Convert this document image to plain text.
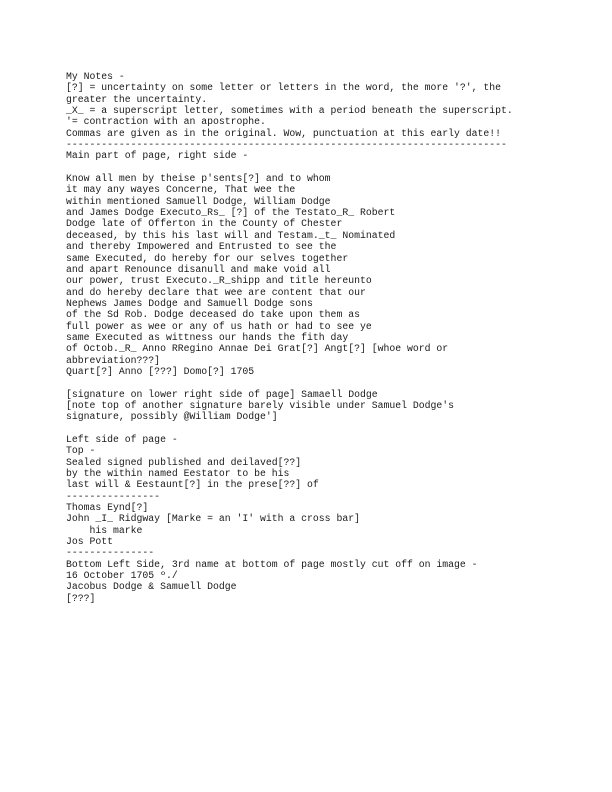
My Notes -
[?] = uncertainty on some letter or letters in the word, the more '?', the
greater the uncertainty.
_X_ = a superscript letter, sometimes with a period beneath the superscript.
'= contraction with an apostrophe.
Commas are given as in the original. Wow, punctuation at this early date!!
---------------------------------------------------------------------------
Main part of page, right side -
Know all men by theise p'sents[?] and to whom
it may any wayes Concerne, That wee the
within mentioned Samuell Dodge, William Dodge
and James Dodge Executo_Rs_ [?] of the Testato_R_ Robert
Dodge late of Offerton in the County of Chester
deceased, by this his last will and Testam._t_ Nominated
and thereby Impowered and Entrusted to see the
same Executed, do hereby for our selves together
and apart Renounce disanull and make void all
our power, trust Executo._R_shipp and title hereunto
and do hereby declare that wee are content that our
Nephews James Dodge and Samuell Dodge sons
of the Sd Rob. Dodge deceased do take upon them as
full power as wee or any of us hath or had to see ye
same Executed as wittness our hands the fith day
of Octob._R_ Anno RRegino Annae Dei Grat[?] Angt[?] [whoe word or
abbreviation???]
Quart[?] Anno [???] Domo[?] 1705
[signature on lower right side of page] Samaell Dodge
[note top of another signature barely visible under Samuel Dodge's
signature, possibly @William Dodge']
Left side of page -
Top -
Sealed signed published and deilaved[??]
by the within named Eestator to be his
last will & Eestaunt[?] in the prese[??] of
----------------
Thomas Eynd[?]
John _I_ Ridgway [Marke = an 'I' with a cross bar]
his marke
Jos Pott
---------------
Bottom Left Side, 3rd name at bottom of page mostly cut off on image -
16 October 1705 º./
Jacobus Dodge & Samuell Dodge
[???]
